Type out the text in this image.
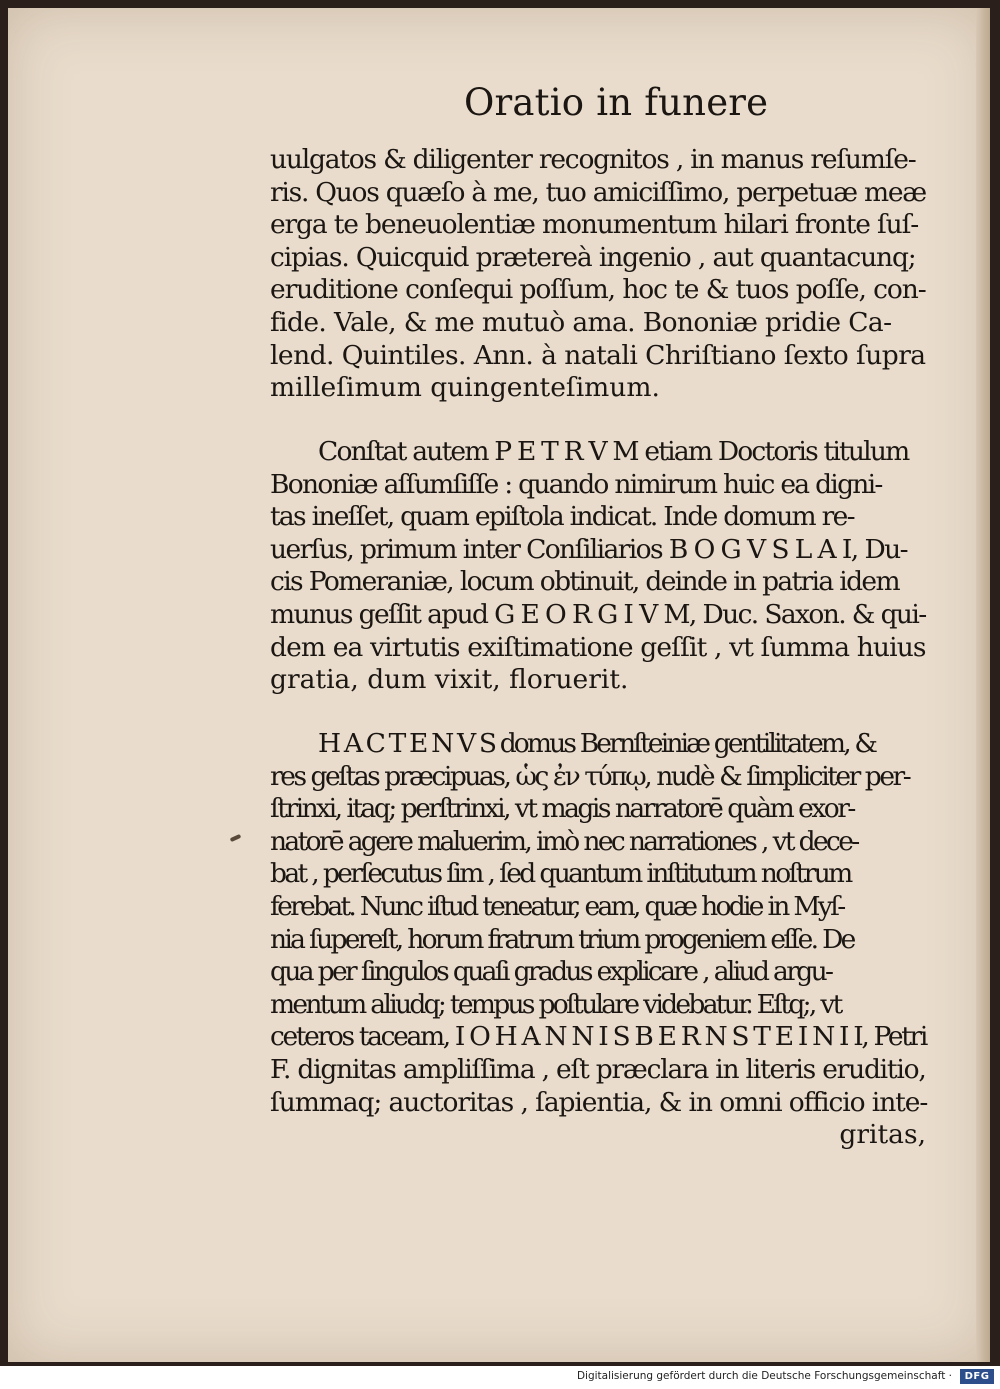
Oratio in funere
uulgatos & diligenter recognitos , in manus reſumſe-
ris. Quos quæſo à me, tuo amiciſſimo, perpetuæ meæ
erga te beneuolentiæ monumentum hilari fronte ſuſ-
cipias. Quicquid prætereà ingenio , aut quantacunq;
eruditione conſequi poſſum, hoc te & tuos poſſe, con-
fide. Vale, & me mutuò ama. Bononiæ pridie Ca-
lend. Quintiles. Ann. à natali Chriſtiano ſexto ſupra
milleſimum quingenteſimum.
Conſtat autem P E T R V M etiam Doctoris titulum
Bononiæ aſſumſiſſe : quando nimirum huic ea digni-
tas ineſſet, quam epiſtola indicat. Inde domum re-
uerſus, primum inter Conſiliarios B O G V S L A I, Du-
cis Pomeraniæ, locum obtinuit, deinde in patria idem
munus geſſit apud G E O R G I V M, Duc. Saxon. & qui-
dem ea virtutis exiſtimatione geſſit , vt ſumma huius
gratia, dum vixit, floruerit.
H A C T E N V S domus Bernſteiniæ gentilitatem, &
res geſtas præcipuas, ὡς ἐν τύπῳ, nudè & ſimpliciter per-
ſtrinxi, itaq; perſtrinxi, vt magis narratorē quàm exor-
natorē agere maluerim, imò nec narrationes , vt dece-
bat , perſecutus ſim , ſed quantum inſtitutum noſtrum
ferebat. Nunc iſtud teneatur, eam, quæ hodie in Myſ-
nia ſupereſt, horum fratrum trium progeniem eſſe. De
qua per ſingulos quaſi gradus explicare , aliud argu-
mentum aliudq; tempus poſtulare videbatur. Eſtq;, vt
ceteros taceam, I O H A N N I S B E R N S T E I N I I, Petri
F. dignitas ampliſſima , eſt præclara in literis eruditio,
ſummaq; auctoritas , ſapientia, & in omni officio inte-
gritas,
Digitalisierung gefördert durch die Deutsche Forschungsgemeinschaft ·	DFG
